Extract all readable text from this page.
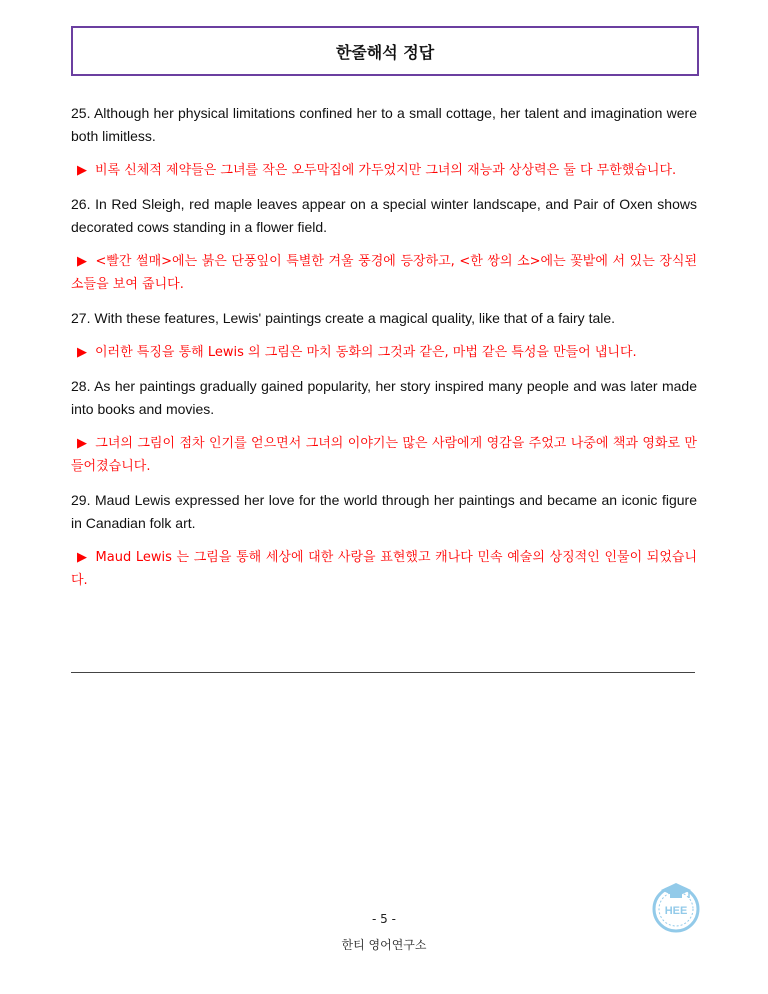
한줄해석 정답

25. Although her physical limitations confined her to a small cottage, her talent and imagination were both limitless.

▶ 비록 신체적 제약들은 그녀를 작은 오두막집에 가두었지만 그녀의 재능과 상상력은 둘 다 무한했습니다.

26. In Red Sleigh, red maple leaves appear on a special winter landscape, and Pair of Oxen shows decorated cows standing in a flower field.

▶ <빨간 썰매>에는 붉은 단풍잎이 특별한 겨울 풍경에 등장하고, <한 쌍의 소>에는 꽃밭에 서 있는 장식된 소들을 보여 줍니다.

27. With these features, Lewis' paintings create a magical quality, like that of a fairy tale.

▶ 이러한 특징을 통해 Lewis 의 그림은 마치 동화의 그것과 같은, 마법 같은 특성을 만들어 냅니다.

28. As her paintings gradually gained popularity, her story inspired many people and was later made into books and movies.

▶ 그녀의 그림이 점차 인기를 얻으면서 그녀의 이야기는 많은 사람에게 영감을 주었고 나중에 책과 영화로 만들어졌습니다.

29. Maud Lewis expressed her love for the world through her paintings and became an iconic figure in Canadian folk art.

▶ Maud Lewis 는 그림을 통해 세상에 대한 사랑을 표현했고 캐나다 민속 예술의 상징적인 인물이 되었습니다.

HEE
- 5 -
한티 영어연구소
